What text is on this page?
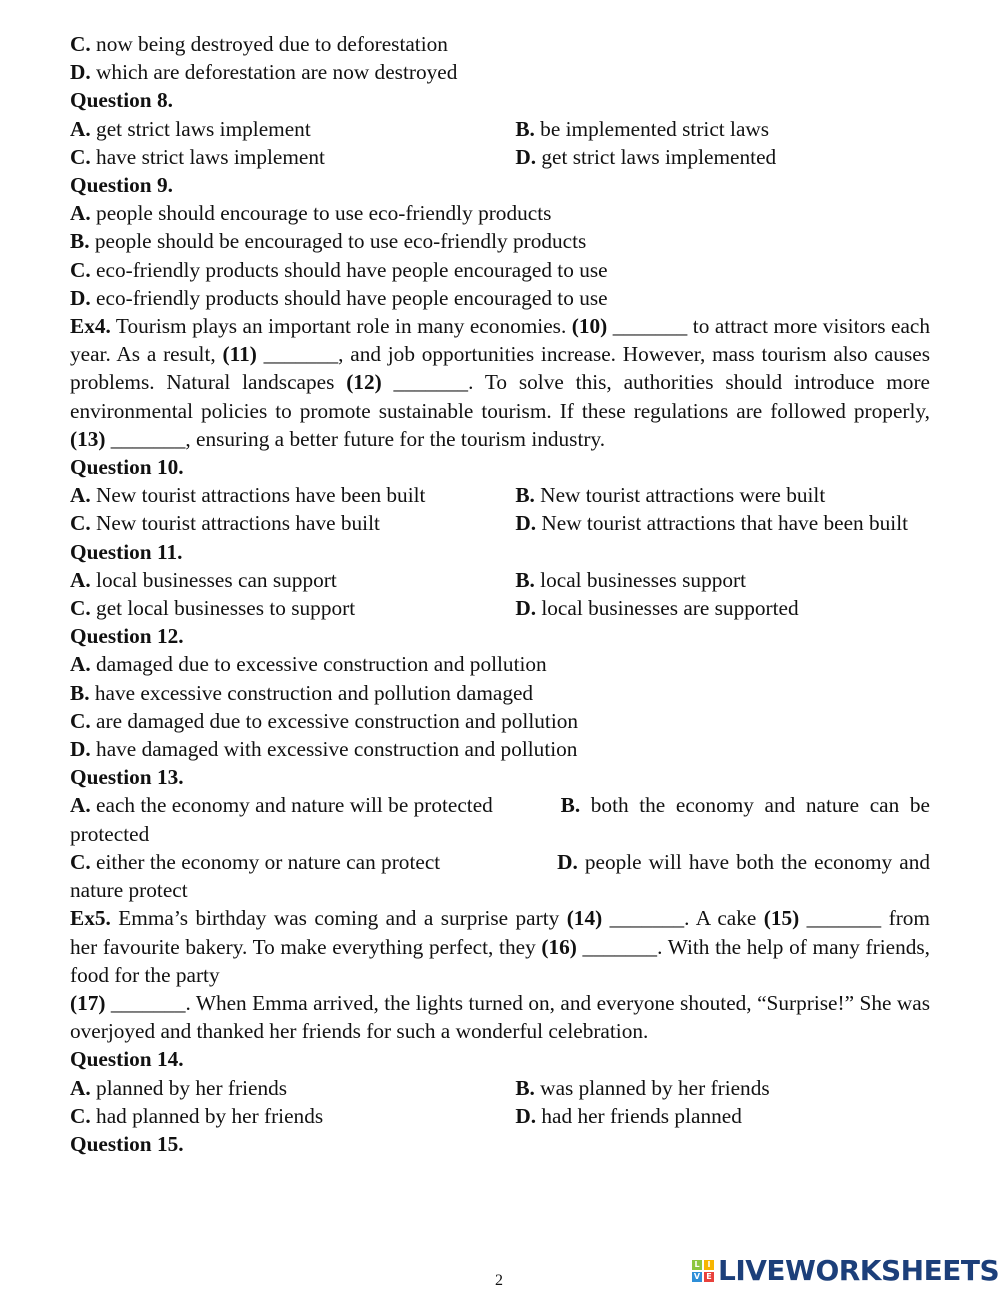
C. now being destroyed due to deforestation
D. which are deforestation are now destroyed
Question 8.
A. get strict laws implement	B. be implemented strict laws
C. have strict laws implement	D. get strict laws implemented
Question 9.
A. people should encourage to use eco-friendly products
B. people should be encouraged to use eco-friendly products
C. eco-friendly products should have people encouraged to use
D. eco-friendly products should have people encouraged to use
Ex4. Tourism plays an important role in many economies. (10) _______ to attract more visitors each year. As a result, (11) _______, and job opportunities increase. However, mass tourism also causes problems. Natural landscapes (12) _______. To solve this, authorities should introduce more environmental policies to promote sustainable tourism. If these regulations are followed properly, (13) _______, ensuring a better future for the tourism industry.
Question 10.
A. New tourist attractions have been built	B. New tourist attractions were built
C. New tourist attractions have built	D. New tourist attractions that have been built
Question 11.
A. local businesses can support	B. local businesses support
C. get local businesses to support	D. local businesses are supported
Question 12.
A. damaged due to excessive construction and pollution
B. have excessive construction and pollution damaged
C. are damaged due to excessive construction and pollution
D. have damaged with excessive construction and pollution
Question 13.
A. each the economy and nature will be protected	B. both the economy and nature can be protected
C. either the economy or nature can protect	D. people will have both the economy and nature protect
Ex5. Emma’s birthday was coming and a surprise party (14) _______. A cake (15) _______ from her favourite bakery. To make everything perfect, they (16) _______. With the help of many friends, food for the party
(17) _______. When Emma arrived, the lights turned on, and everyone shouted, “Surprise!” She was overjoyed and thanked her friends for such a wonderful celebration.
Question 14.
A. planned by her friends	B. was planned by her friends
C. had planned by her friends	D. had her friends planned
Question 15.
2
L I
V E LIVEWORKSHEETS
